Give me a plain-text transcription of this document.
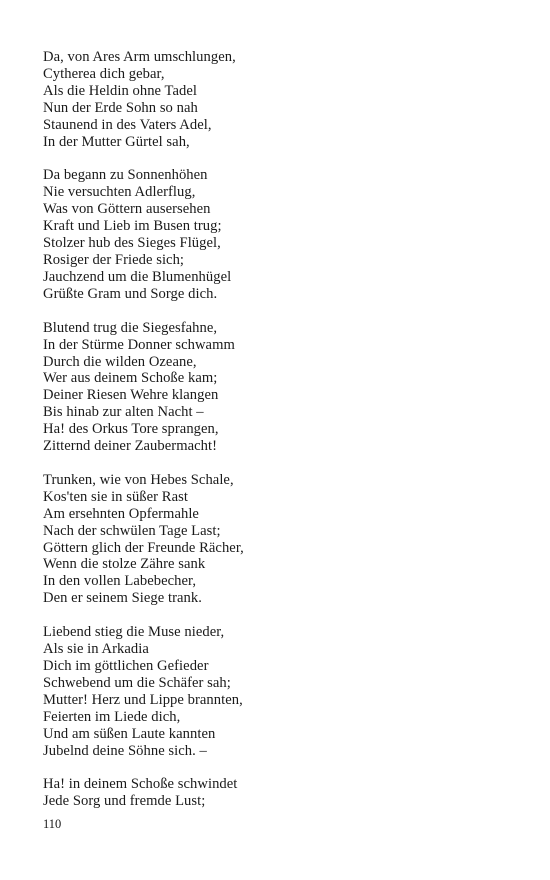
Da, von Ares Arm umschlungen,
Cytherea dich gebar,
Als die Heldin ohne Tadel
Nun der Erde Sohn so nah
Staunend in des Vaters Adel,
In der Mutter Gürtel sah,
Da begann zu Sonnenhöhen
Nie versuchten Adlerflug,
Was von Göttern ausersehen
Kraft und Lieb im Busen trug;
Stolzer hub des Sieges Flügel,
Rosiger der Friede sich;
Jauchzend um die Blumenhügel
Grüßte Gram und Sorge dich.
Blutend trug die Siegesfahne,
In der Stürme Donner schwamm
Durch die wilden Ozeane,
Wer aus deinem Schoße kam;
Deiner Riesen Wehre klangen
Bis hinab zur alten Nacht –
Ha! des Orkus Tore sprangen,
Zitternd deiner Zaubermacht!
Trunken, wie von Hebes Schale,
Kos'ten sie in süßer Rast
Am ersehnten Opfermahle
Nach der schwülen Tage Last;
Göttern glich der Freunde Rächer,
Wenn die stolze Zähre sank
In den vollen Labebecher,
Den er seinem Siege trank.
Liebend stieg die Muse nieder,
Als sie in Arkadia
Dich im göttlichen Gefieder
Schwebend um die Schäfer sah;
Mutter! Herz und Lippe brannten,
Feierten im Liede dich,
Und am süßen Laute kannten
Jubelnd deine Söhne sich. –
Ha! in deinem Schoße schwindet
Jede Sorg und fremde Lust;
110
